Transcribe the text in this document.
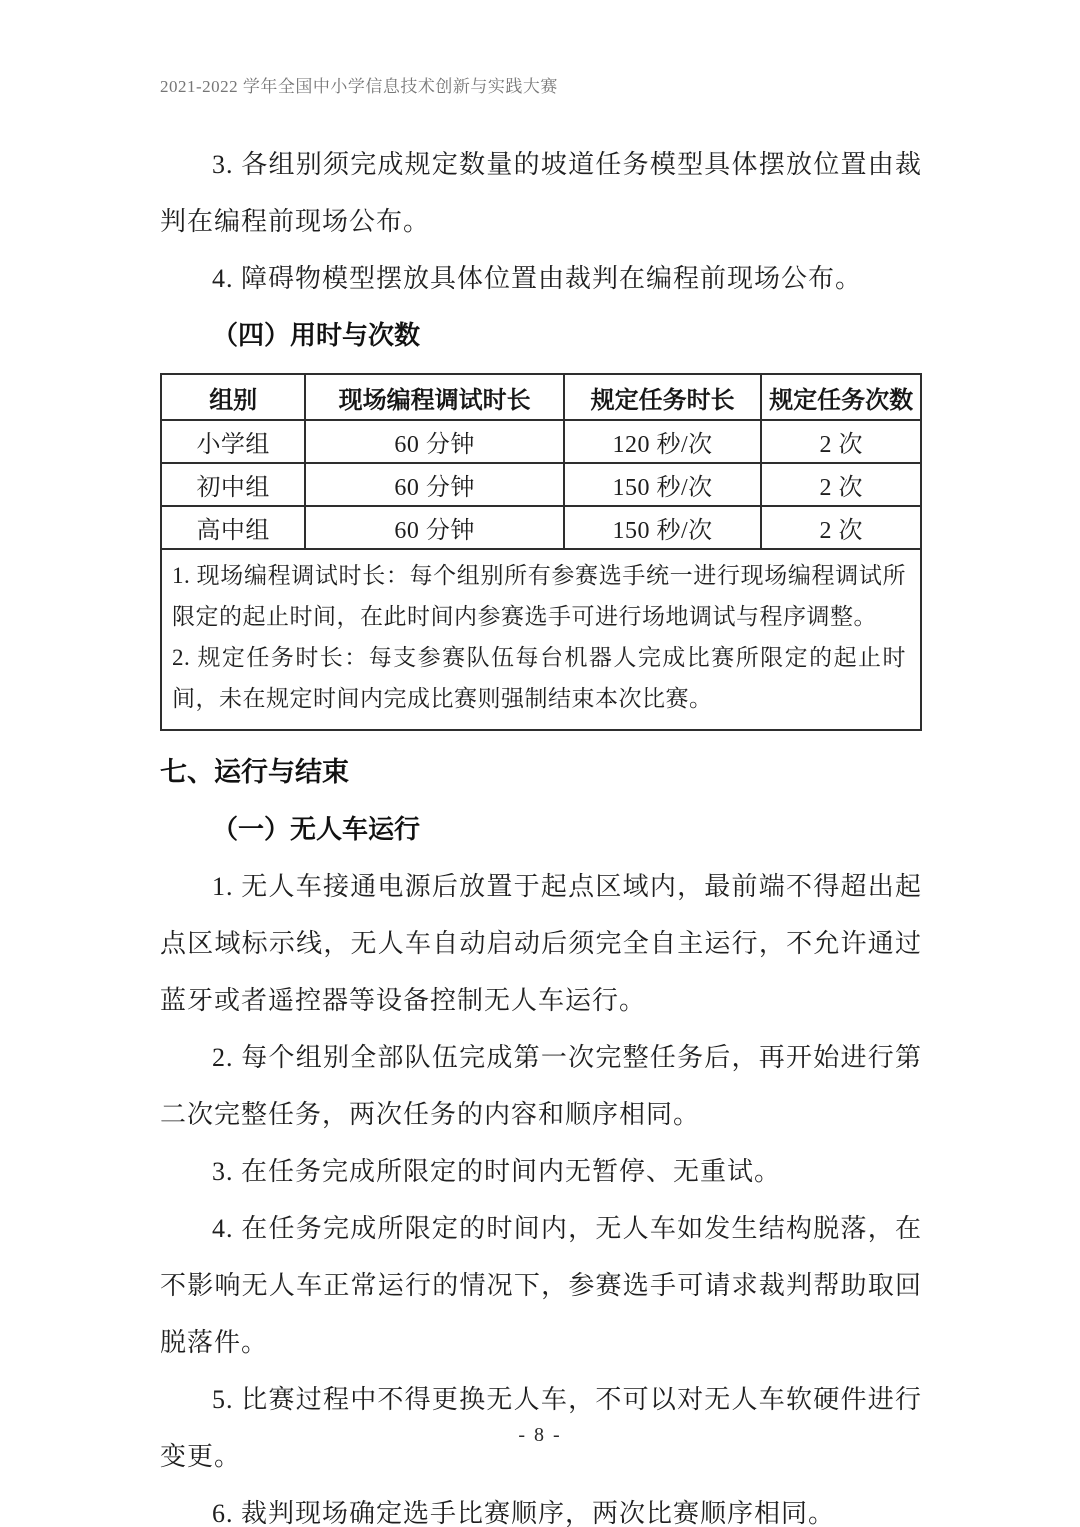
2021-2022 学年全国中小学信息技术创新与实践大赛

3. 各组别须完成规定数量的坡道任务模型具体摆放位置由裁判在编程前现场公布。

4. 障碍物模型摆放具体位置由裁判在编程前现场公布。

（四）用时与次数
组别	现场编程调试时长	规定任务时长	规定任务次数
小学组	60 分钟	120 秒/次	2 次
初中组	60 分钟	150 秒/次	2 次
高中组	60 分钟	150 秒/次	2 次

1. 现场编程调试时长：每个组别所有参赛选手统一进行现场编程调试所限定的起止时间，在此时间内参赛选手可进行场地调试与程序调整。

2. 规定任务时长：每支参赛队伍每台机器人完成比赛所限定的起止时间，未在规定时间内完成比赛则强制结束本次比赛。			

七、运行与结束
（一）无人车运行

1. 无人车接通电源后放置于起点区域内，最前端不得超出起点区域标示线，无人车自动启动后须完全自主运行，不允许通过蓝牙或者遥控器等设备控制无人车运行。

2. 每个组别全部队伍完成第一次完整任务后，再开始进行第二次完整任务，两次任务的内容和顺序相同。

3. 在任务完成所限定的时间内无暂停、无重试。

4. 在任务完成所限定的时间内，无人车如发生结构脱落，在不影响无人车正常运行的情况下，参赛选手可请求裁判帮助取回脱落件。

5. 比赛过程中不得更换无人车，不可以对无人车软硬件进行变更。

6. 裁判现场确定选手比赛顺序，两次比赛顺序相同。

- 8 -
